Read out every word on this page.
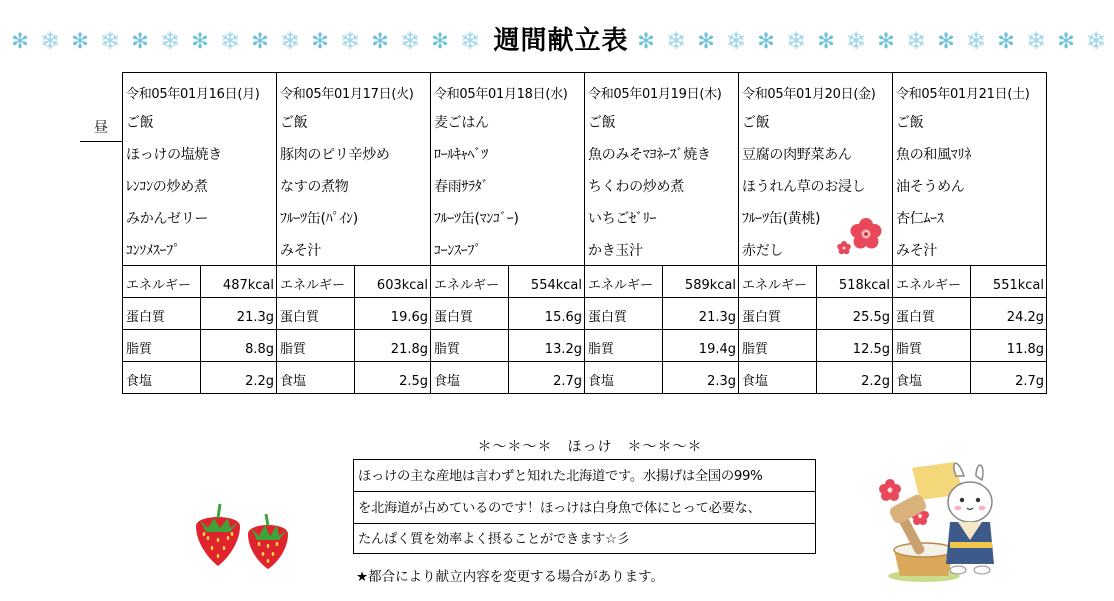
✻ ❄ ✻ ❄ ✻ ❄ ✻ ❄ ✻ ❄ ✻ ❄ ✻ ❄ ✻ ❄	✻ ❄ ✻ ❄ ✻ ❄ ✻ ❄ ✻ ❄ ✻ ❄ ✻ ❄ ✻ ❄
週間献立表
昼
令和05年01月16日(月)
ご飯
ほっけの塩焼き
ﾚﾝｺﾝの炒め煮
みかんゼリー
ｺﾝｿﾒｽｰﾌﾟ
エネルギー	487kcal
蛋白質	21.3g
脂質	8.8g
食塩	2.2g
令和05年01月17日(火)
ご飯
豚肉のピリ辛炒め
なすの煮物
ﾌﾙｰﾂ缶(ﾊﾟｲﾝ)
みそ汁
エネルギー	603kcal
蛋白質	19.6g
脂質	21.8g
食塩	2.5g
令和05年01月18日(水)
麦ごはん
ﾛｰﾙｷｬﾍﾞﾂ
春雨ｻﾗﾀﾞ
ﾌﾙｰﾂ缶(ﾏﾝｺﾞｰ)
ｺｰﾝｽｰﾌﾟ
エネルギー	554kcal
蛋白質	15.6g
脂質	13.2g
食塩	2.7g
令和05年01月19日(木)
ご飯
魚のみそﾏﾖﾈｰｽﾞ焼き
ちくわの炒め煮
いちごｾﾞﾘｰ
かき玉汁
エネルギー	589kcal
蛋白質	21.3g
脂質	19.4g
食塩	2.3g
令和05年01月20日(金)
ご飯
豆腐の肉野菜あん
ほうれん草のお浸し
ﾌﾙｰﾂ缶(黄桃)
赤だし
エネルギー	518kcal
蛋白質	25.5g
脂質	12.5g
食塩	2.2g
令和05年01月21日(土)
ご飯
魚の和風ﾏﾘﾈ
油そうめん
杏仁ﾑｰｽ
みそ汁
エネルギー	551kcal
蛋白質	24.2g
脂質	11.8g
食塩	2.7g
＊～＊～＊　ほっけ　＊～＊～＊
ほっけの主な産地は言わずと知れた北海道です。水揚げは全国の99%
を北海道が占めているのです！ほっけは白身魚で体にとって必要な、
たんぱく質を効率よく摂ることができます☆彡
★都合により献立内容を変更する場合があります。
